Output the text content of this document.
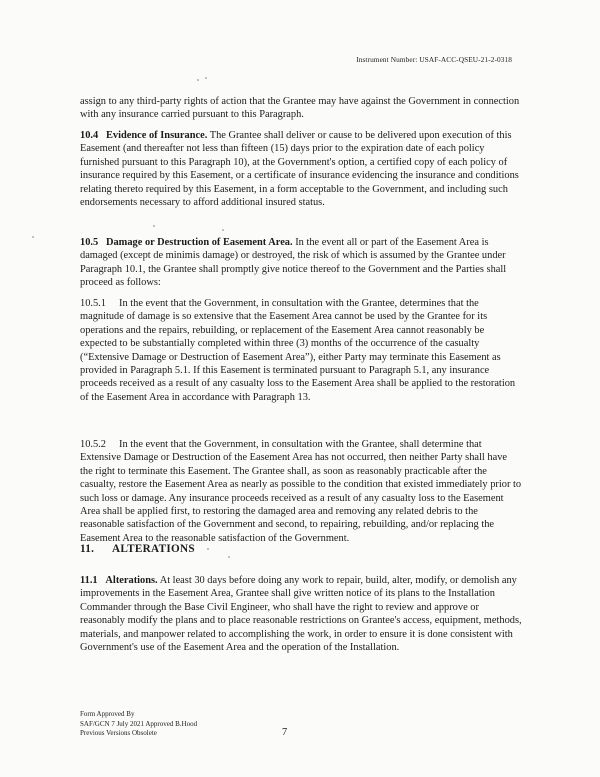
Instrument Number: USAF-ACC-QSEU-21-2-0318

assign to any third-party rights of action that the Grantee may have against the Government in connection with any insurance carried pursuant to this Paragraph.

10.4 Evidence of Insurance. The Grantee shall deliver or cause to be delivered upon execution of this Easement (and thereafter not less than fifteen (15) days prior to the expiration date of each policy furnished pursuant to this Paragraph 10), at the Government's option, a certified copy of each policy of insurance required by this Easement, or a certificate of insurance evidencing the insurance and conditions relating thereto required by this Easement, in a form acceptable to the Government, and including such endorsements necessary to afford additional insured status.

10.5 Damage or Destruction of Easement Area. In the event all or part of the Easement Area is damaged (except de minimis damage) or destroyed, the risk of which is assumed by the Grantee under Paragraph 10.1, the Grantee shall promptly give notice thereof to the Government and the Parties shall proceed as follows:

10.5.1 In the event that the Government, in consultation with the Grantee, determines that the magnitude of damage is so extensive that the Easement Area cannot be used by the Grantee for its operations and the repairs, rebuilding, or replacement of the Easement Area cannot reasonably be expected to be substantially completed within three (3) months of the occurrence of the casualty (“Extensive Damage or Destruction of Easement Area”), either Party may terminate this Easement as provided in Paragraph 5.1. If this Easement is terminated pursuant to Paragraph 5.1, any insurance proceeds received as a result of any casualty loss to the Easement Area shall be applied to the restoration of the Easement Area in accordance with Paragraph 13.

10.5.2 In the event that the Government, in consultation with the Grantee, shall determine that Extensive Damage or Destruction of the Easement Area has not occurred, then neither Party shall have the right to terminate this Easement. The Grantee shall, as soon as reasonably practicable after the casualty, restore the Easement Area as nearly as possible to the condition that existed immediately prior to such loss or damage. Any insurance proceeds received as a result of any casualty loss to the Easement Area shall be applied first, to restoring the damaged area and removing any related debris to the reasonable satisfaction of the Government and second, to repairing, rebuilding, and/or replacing the Easement Area to the reasonable satisfaction of the Government.

11. ALTERATIONS

11.1 Alterations. At least 30 days before doing any work to repair, build, alter, modify, or demolish any improvements in the Easement Area, Grantee shall give written notice of its plans to the Installation Commander through the Base Civil Engineer, who shall have the right to review and approve or reasonably modify the plans and to place reasonable restrictions on Grantee's access, equipment, methods, materials, and manpower related to accomplishing the work, in order to ensure it is done consistent with Government's use of the Easement Area and the operation of the Installation.

Form Approved By
SAF/GCN 7 July 2021 Approved B.Hood
Previous Versions Obsolete	7
